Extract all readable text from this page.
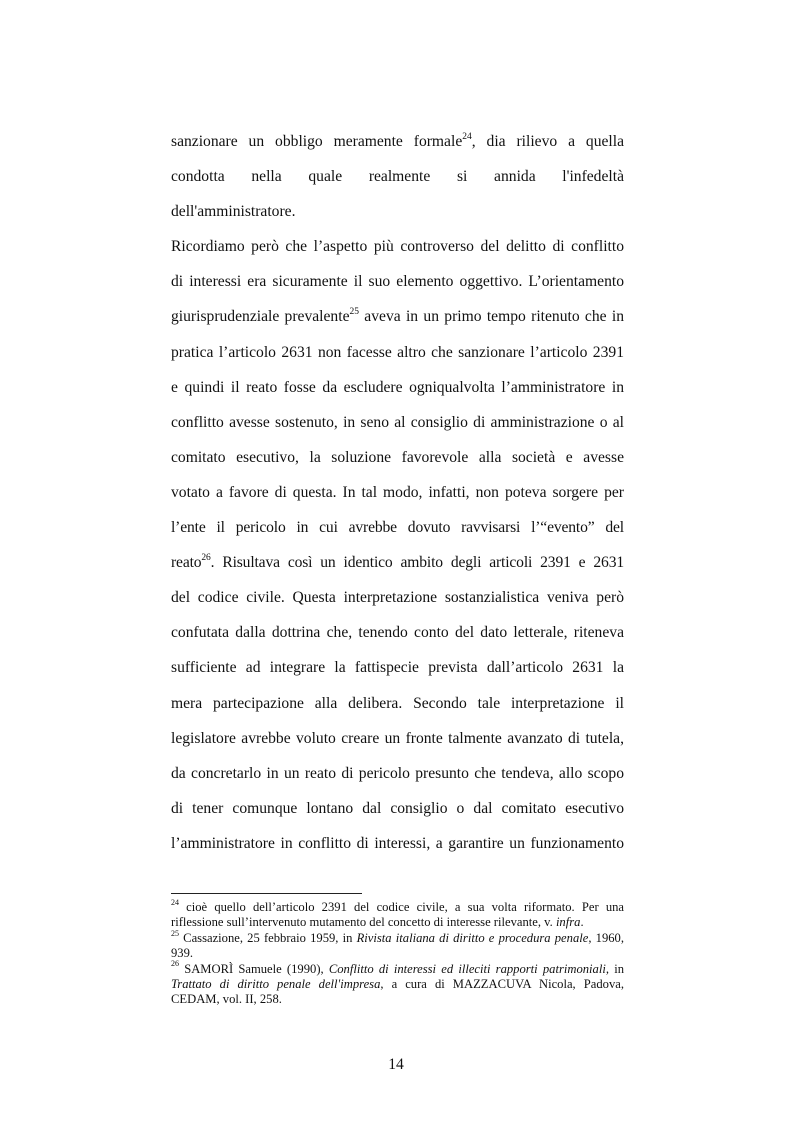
sanzionare un obbligo meramente formale$^{24}$, dia rilievo a quella
condotta nella quale realmente si annida l'infedeltà
dell'amministratore.
Ricordiamo però che l’aspetto più controverso del delitto di conflitto
di interessi era sicuramente il suo elemento oggettivo. L’orientamento
giurisprudenziale prevalente$^{25}$ aveva in un primo tempo ritenuto che in
pratica l’articolo 2631 non facesse altro che sanzionare l’articolo 2391
e quindi il reato fosse da escludere ogniqualvolta l’amministratore in
conflitto avesse sostenuto, in seno al consiglio di amministrazione o al
comitato esecutivo, la soluzione favorevole alla società e avesse
votato a favore di questa. In tal modo, infatti, non poteva sorgere per
l’ente il pericolo in cui avrebbe dovuto ravvisarsi l’“evento” del
reato$^{26}$. Risultava così un identico ambito degli articoli 2391 e 2631
del codice civile. Questa interpretazione sostanzialistica veniva però
confutata dalla dottrina che, tenendo conto del dato letterale, riteneva
sufficiente ad integrare la fattispecie prevista dall’articolo 2631 la
mera partecipazione alla delibera. Secondo tale interpretazione il
legislatore avrebbe voluto creare un fronte talmente avanzato di tutela,
da concretarlo in un reato di pericolo presunto che tendeva, allo scopo
di tener comunque lontano dal consiglio o dal comitato esecutivo
l’amministratore in conflitto di interessi, a garantire un funzionamento
$^{24}$ cioè quello dell’articolo 2391 del codice civile, a sua volta riformato. Per una riflessione sull’intervenuto mutamento del concetto di interesse rilevante, v. infra.
$^{25}$ Cassazione, 25 febbraio 1959, in Rivista italiana di diritto e procedura penale, 1960, 939.
$^{26}$ SAMORÌ Samuele (1990), Conflitto di interessi ed illeciti rapporti patrimoniali, in Trattato di diritto penale dell'impresa, a cura di MAZZACUVA Nicola, Padova, CEDAM, vol. II, 258.
14
